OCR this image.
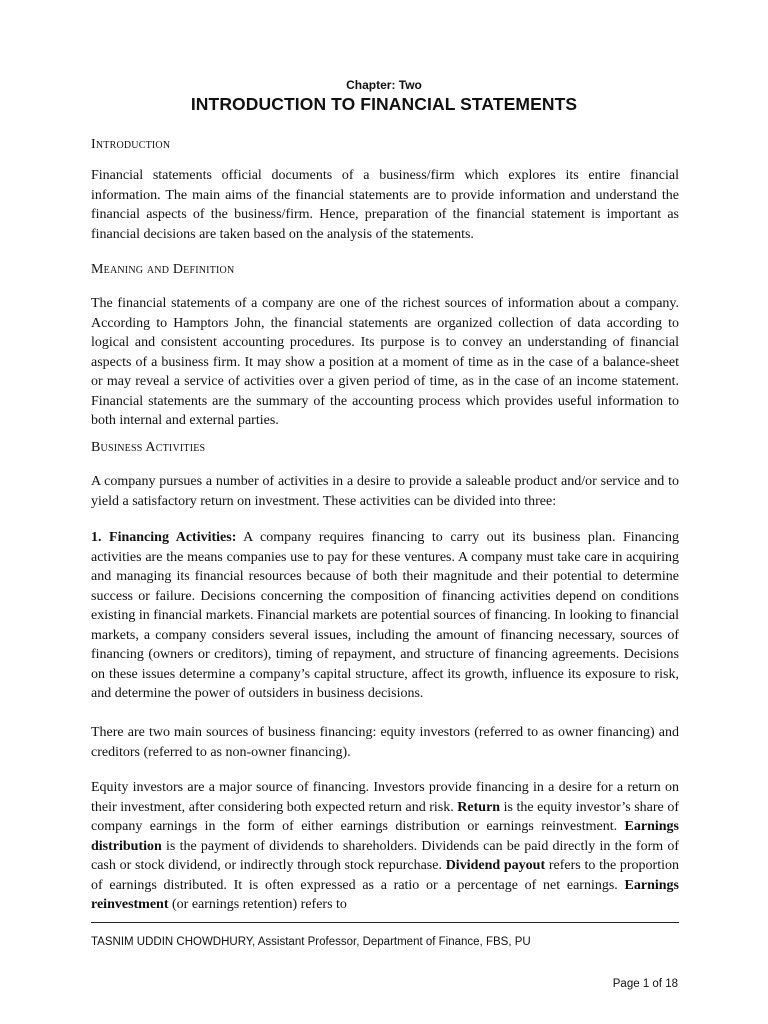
Chapter: Two
INTRODUCTION TO FINANCIAL STATEMENTS
Introduction

Financial statements official documents of a business/firm which explores its entire financial information. The main aims of the financial statements are to provide information and understand the financial aspects of the business/firm. Hence, preparation of the financial statement is important as financial decisions are taken based on the analysis of the statements.

Meaning and Definition

The financial statements of a company are one of the richest sources of information about a company. According to Hamptors John, the financial statements are organized collection of data according to logical and consistent accounting procedures. Its purpose is to convey an understanding of financial aspects of a business firm. It may show a position at a moment of time as in the case of a balance-sheet or may reveal a service of activities over a given period of time, as in the case of an income statement. Financial statements are the summary of the accounting process which provides useful information to both internal and external parties.

Business Activities

A company pursues a number of activities in a desire to provide a saleable product and/or service and to yield a satisfactory return on investment. These activities can be divided into three:

1. Financing Activities: A company requires financing to carry out its business plan. Financing activities are the means companies use to pay for these ventures. A company must take care in acquiring and managing its financial resources because of both their magnitude and their potential to determine success or failure. Decisions concerning the composition of financing activities depend on conditions existing in financial markets. Financial markets are potential sources of financing. In looking to financial markets, a company considers several issues, including the amount of financing necessary, sources of financing (owners or creditors), timing of repayment, and structure of financing agreements. Decisions on these issues determine a company’s capital structure, affect its growth, influence its exposure to risk, and determine the power of outsiders in business decisions.

There are two main sources of business financing: equity investors (referred to as owner financing) and creditors (referred to as non-owner financing).

Equity investors are a major source of financing. Investors provide financing in a desire for a return on their investment, after considering both expected return and risk. Return is the equity investor’s share of company earnings in the form of either earnings distribution or earnings reinvestment. Earnings distribution is the payment of dividends to shareholders. Dividends can be paid directly in the form of cash or stock dividend, or indirectly through stock repurchase. Dividend payout refers to the proportion of earnings distributed. It is often expressed as a ratio or a percentage of net earnings. Earnings reinvestment (or earnings retention) refers to

TASNIM UDDIN CHOWDHURY, Assistant Professor, Department of Finance, FBS, PU
Page 1 of 18
